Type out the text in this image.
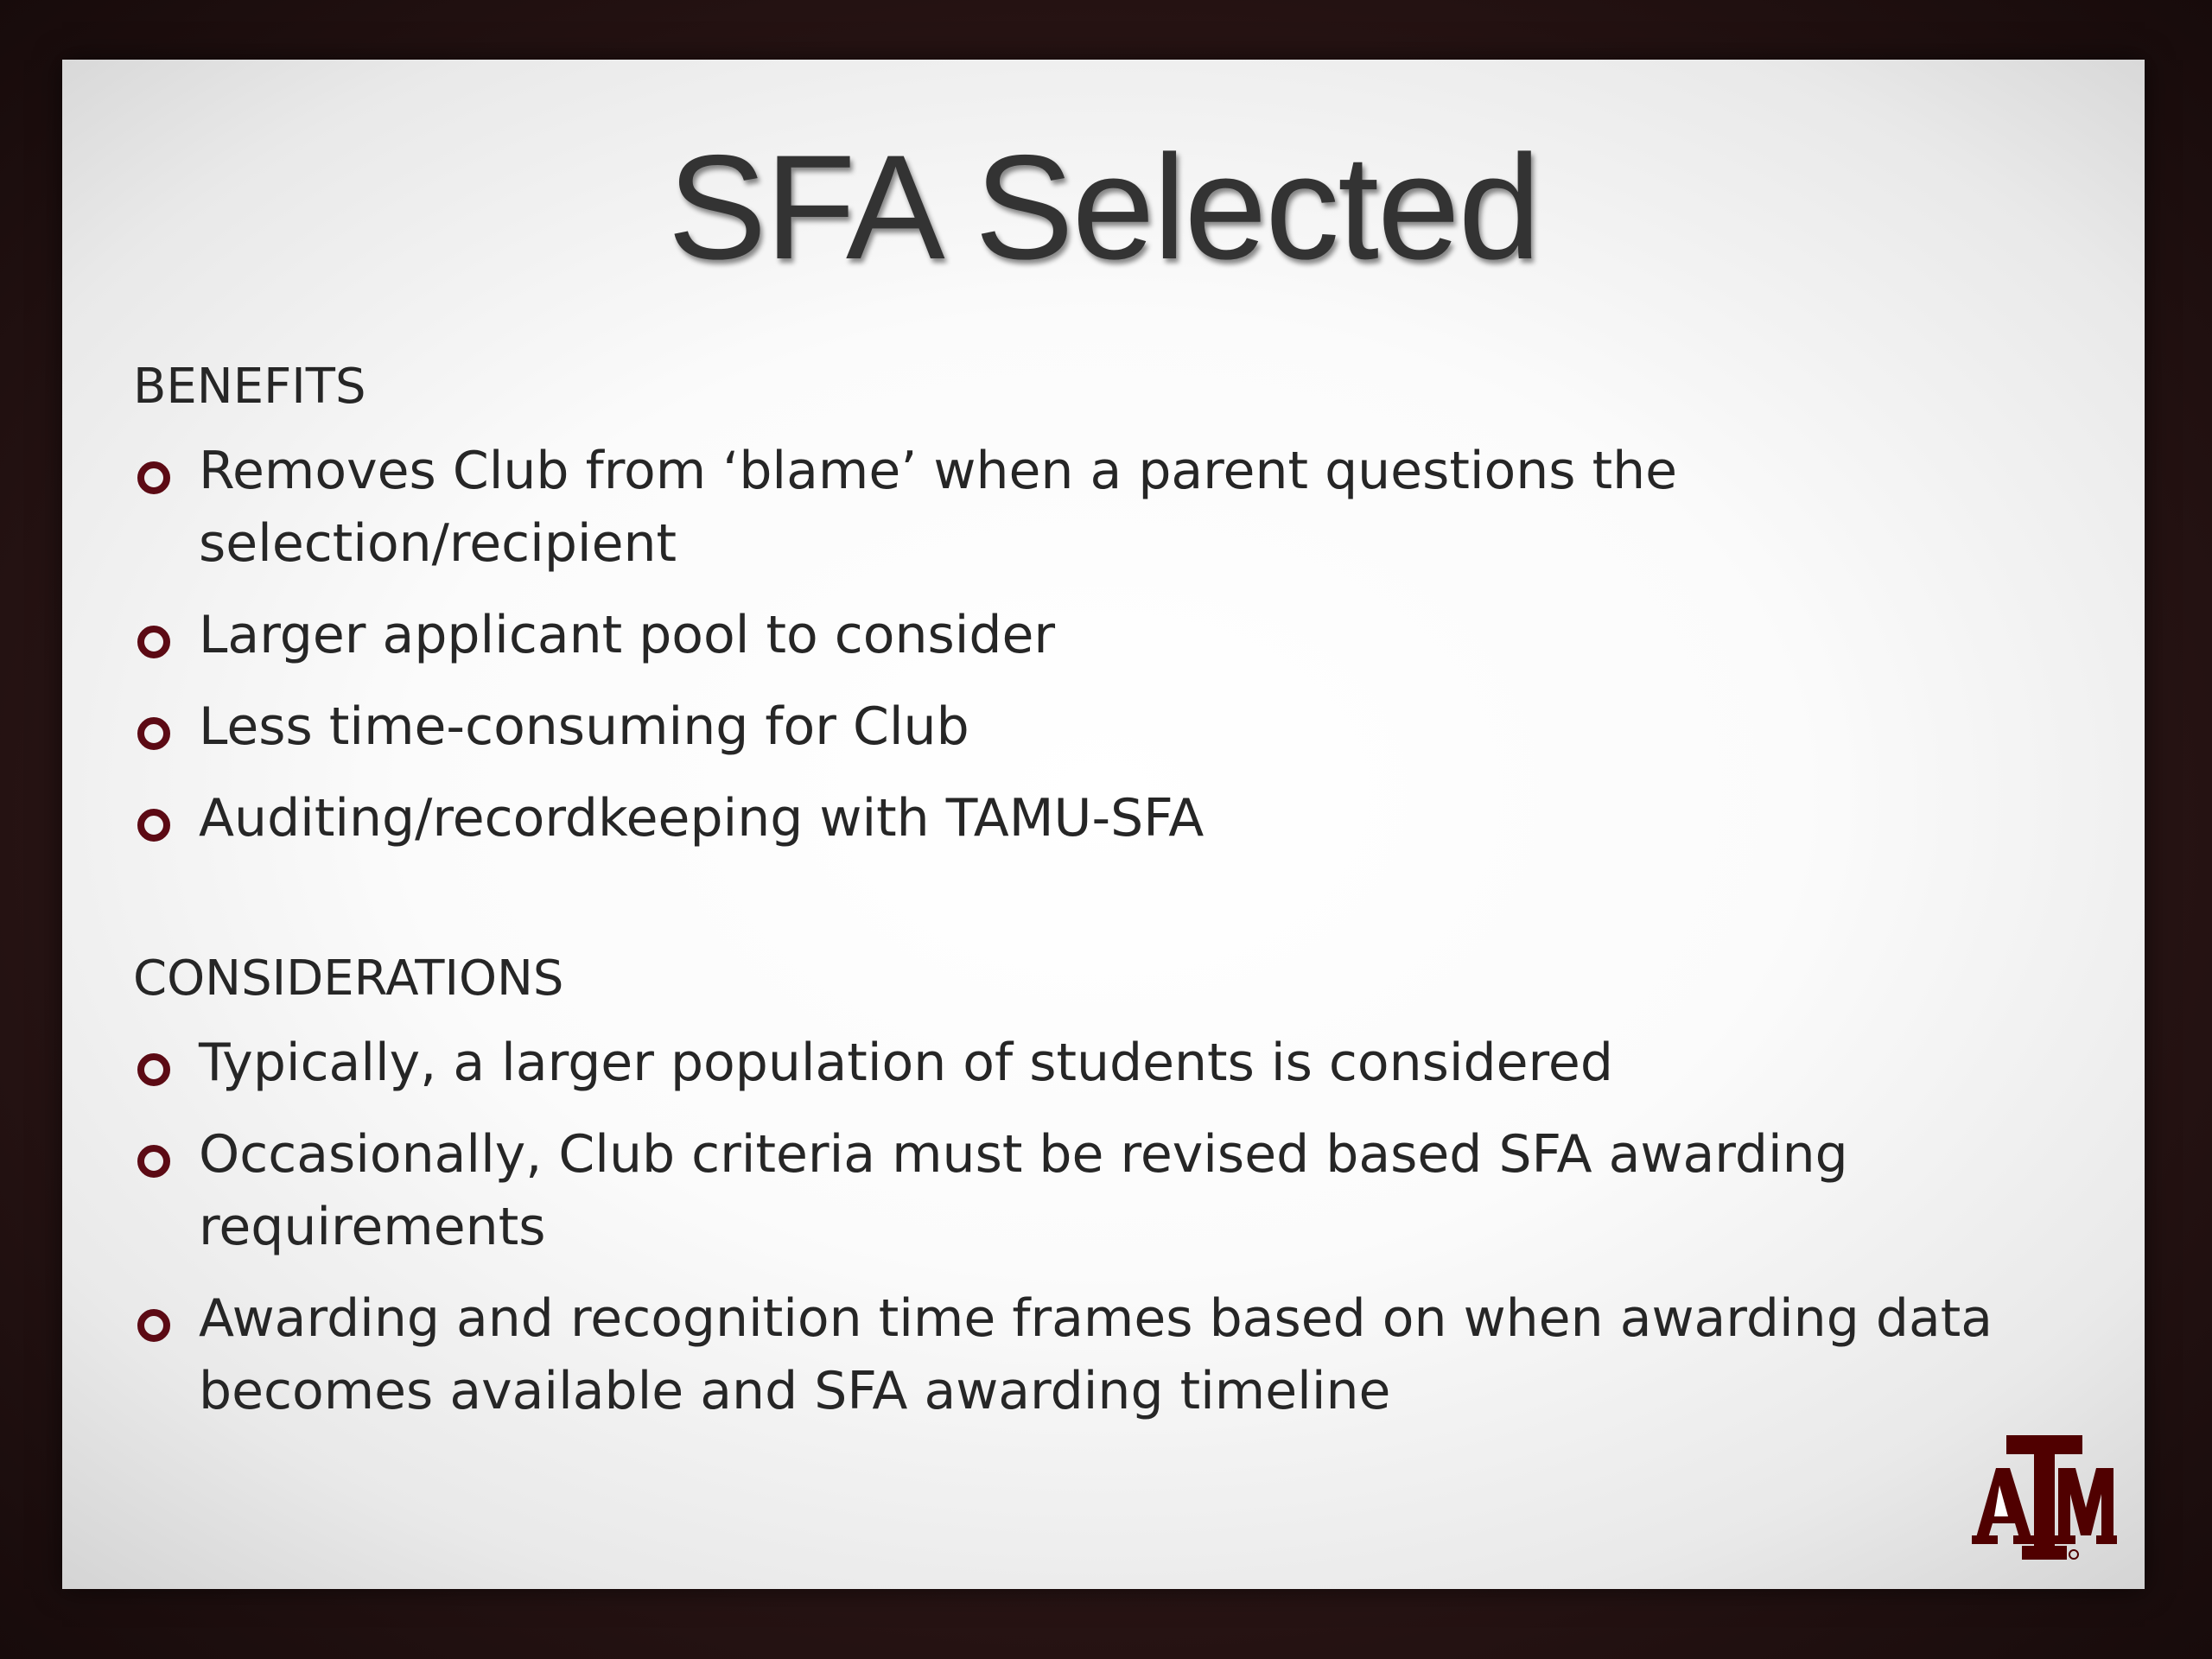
SFA Selected
BENEFITS
Removes Club from ‘blame’ when a parent questions the selection/recipient
Larger applicant pool to consider
Less time-consuming for Club
Auditing/recordkeeping with TAMU-SFA
CONSIDERATIONS
Typically, a larger population of students is considered
Occasionally, Club criteria must be revised based SFA awarding requirements
Awarding and recognition time frames based on when awarding data becomes available and SFA awarding timeline
